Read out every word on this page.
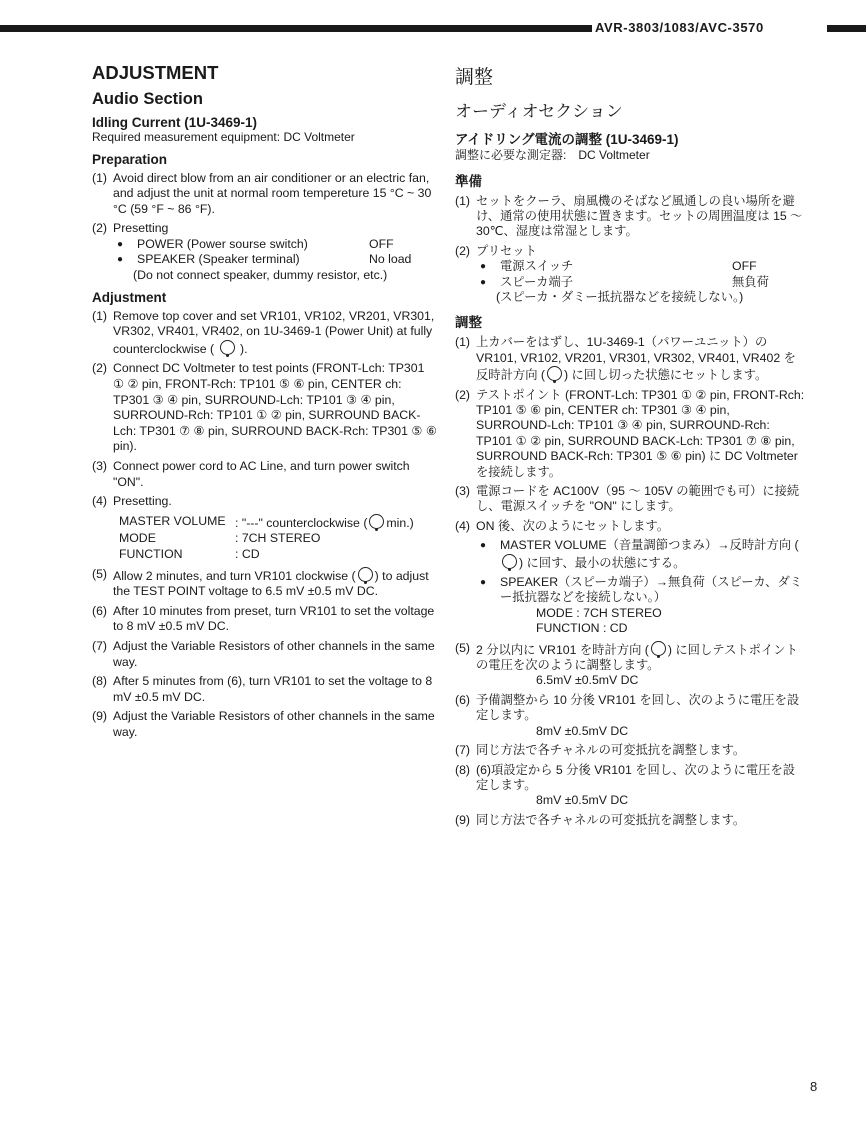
AVR-3803/1083/AVC-3570
ADJUSTMENT
Audio Section
Idling Current (1U-3469-1)
Required measurement equipment: DC Voltmeter
Preparation
(1) Avoid direct blow from an air conditioner or an electric fan, and adjust the unit at normal room tempereture 15 °C ~ 30 °C (59 °F ~ 86 °F).
(2) Presetting
●	POWER (Power sourse switch)	OFF
●	SPEAKER (Speaker terminal)	No load
(Do not connect speaker, dummy resistor, etc.)
Adjustment
(1) Remove top cover and set VR101, VR102, VR201, VR301, VR302, VR401, VR402, on 1U-3469-1 (Power Unit) at fully counterclockwise ( ).
(2) Connect DC Voltmeter to test points (FRONT-Lch: TP301 ① ② pin, FRONT-Rch: TP101 ⑤ ⑥ pin, CENTER ch: TP301 ③ ④ pin, SURROUND-Lch: TP101 ③ ④ pin, SURROUND-Rch: TP101 ① ② pin, SURROUND BACK-Lch: TP301 ⑦ ⑧ pin, SURROUND BACK-Rch: TP301 ⑤ ⑥ pin).
(3) Connect power cord to AC Line, and turn power switch "ON".
(4) Presetting.
MASTER VOLUME : "---" counterclockwise ( min.)
MODE	: 7CH STEREO
FUNCTION	: CD
(5) Allow 2 minutes, and turn VR101 clockwise ( ) to adjust the TEST POINT voltage to 6.5 mV ±0.5 mV DC.
(6) After 10 minutes from preset, turn VR101 to set the voltage to 8 mV ±0.5 mV DC.
(7) Adjust the Variable Resistors of other channels in the same way.
(8) After 5 minutes from (6), turn VR101 to set the voltage to 8 mV ±0.5 mV DC.
(9) Adjust the Variable Resistors of other channels in the same way.
調整
オーディオセクション
アイドリング電流の調整 (1U-3469-1)
調整に必要な測定器:　DC Voltmeter
準備
(1) セットをクーラ、扇風機のそばなど風通しの良い場所を避け、通常の使用状態に置きます。セットの周囲温度は 15 〜 30℃、湿度は常湿とします。
(2) プリセット
●	電源スイッチ	OFF
●	スピーカ端子	無負荷
(スピーカ・ダミー抵抗器などを接続しない。)
調整
(1) 上カバーをはずし、1U-3469-1（パワーユニット）の VR101, VR102, VR201, VR301, VR302, VR401, VR402 を反時計方向 ( ) に回し切った状態にセットします。
(2) テストポイント (FRONT-Lch: TP301 ① ② pin, FRONT-Rch: TP101 ⑤ ⑥ pin, CENTER ch: TP301 ③ ④ pin, SURROUND-Lch: TP101 ③ ④ pin, SURROUND-Rch: TP101 ① ② pin, SURROUND BACK-Lch: TP301 ⑦ ⑧ pin, SURROUND BACK-Rch: TP301 ⑤ ⑥ pin) に DC Voltmeter を接続します。
(3) 電源コードを AC100V（95 〜 105V の範囲でも可）に接続し、電源スイッチを "ON" にします。
(4) ON 後、次のようにセットします。
●	MASTER VOLUME（音量調節つまみ）→反時計方向 () に回す、最小の状態にする。
●	SPEAKER（スピーカ端子）→無負荷（スピーカ、ダミー抵抗器などを接続しない。）
MODE : 7CH STEREO
FUNCTION : CD
(5) 2 分以内に VR101 を時計方向 ( ) に回しテストポイントの電圧を次のように調整します。
6.5mV ±0.5mV DC
(6) 予備調整から 10 分後 VR101 を回し、次のように電圧を設定します。
8mV ±0.5mV DC
(7) 同じ方法で各チャネルの可変抵抗を調整します。
(8) (6)項設定から 5 分後 VR101 を回し、次のように電圧を設定します。
8mV ±0.5mV DC
(9) 同じ方法で各チャネルの可変抵抗を調整します。
8
